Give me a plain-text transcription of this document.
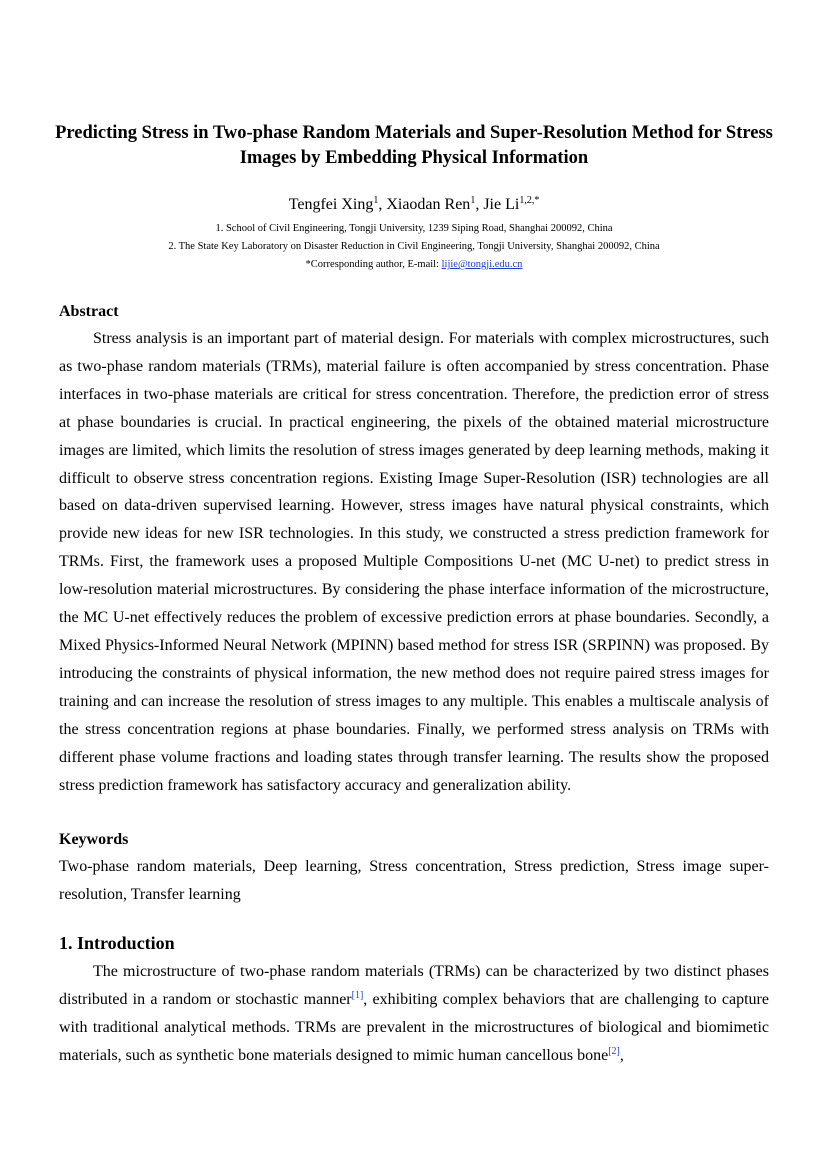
Predicting Stress in Two-phase Random Materials and Super-Resolution Method for Stress Images by Embedding Physical Information
Tengfei Xing$^1$, Xiaodan Ren$^1$, Jie $Li^{1,2,*}$
1. School of Civil Engineering, Tongji University, 1239 Siping Road, Shanghai 200092, China
2. The State Key Laboratory on Disaster Reduction in Civil Engineering, Tongji University, Shanghai 200092, China
*Corresponding author, E-mail: lijie@tongji.edu.cn
Abstract
Stress analysis is an important part of material design. For materials with complex microstructures, such as two-phase random materials (TRMs), material failure is often accompanied by stress concentration. Phase interfaces in two-phase materials are critical for stress concentration. Therefore, the prediction error of stress at phase boundaries is crucial. In practical engineering, the pixels of the obtained material microstructure images are limited, which limits the resolution of stress images generated by deep learning methods, making it difficult to observe stress concentration regions. Existing Image Super-Resolution (ISR) technologies are all based on data-driven supervised learning. However, stress images have natural physical constraints, which provide new ideas for new ISR technologies. In this study, we constructed a stress prediction framework for TRMs. First, the framework uses a proposed Multiple Compositions U-net (MC U-net) to predict stress in low-resolution material microstructures. By considering the phase interface information of the microstructure, the MC U-net effectively reduces the problem of excessive prediction errors at phase boundaries. Secondly, a Mixed Physics-Informed Neural Network (MPINN) based method for stress ISR (SRPINN) was proposed. By introducing the constraints of physical information, the new method does not require paired stress images for training and can increase the resolution of stress images to any multiple. This enables a multiscale analysis of the stress concentration regions at phase boundaries. Finally, we performed stress analysis on TRMs with different phase volume fractions and loading states through transfer learning. The results show the proposed stress prediction framework has satisfactory accuracy and generalization ability.
Keywords
Two-phase random materials, Deep learning, Stress concentration, Stress prediction, Stress image super-resolution, Transfer learning
1. Introduction
The microstructure of two-phase random materials (TRMs) can be characterized by two distinct phases distributed in a random or stochastic manner[1], exhibiting complex behaviors that are challenging to capture with traditional analytical methods. TRMs are prevalent in the microstructures of biological and biomimetic materials, such as synthetic bone materials designed to mimic human cancellous bone[2],
